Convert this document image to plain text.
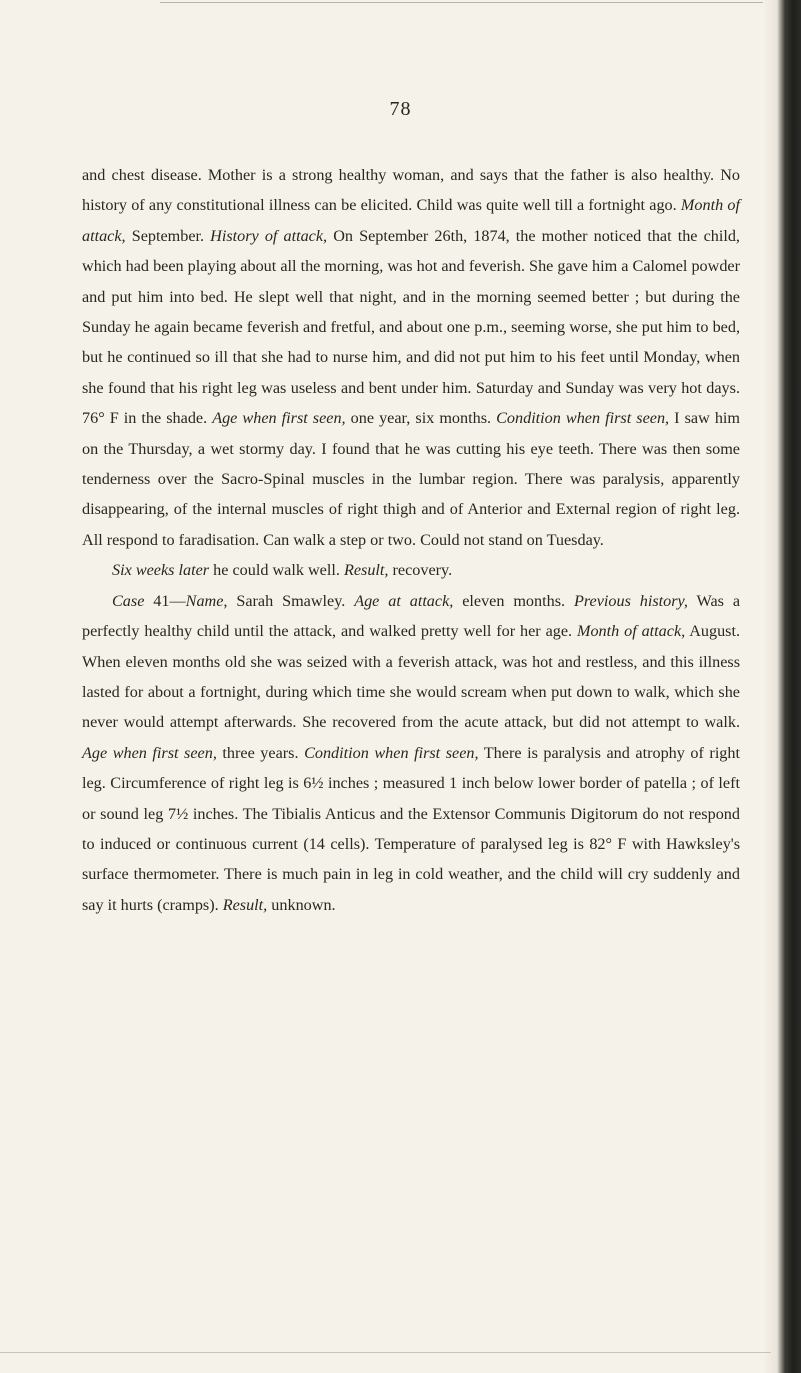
78

and chest disease. Mother is a strong healthy woman, and says that the father is also healthy. No history of any constitutional illness can be elicited. Child was quite well till a fortnight ago. Month of attack, September. History of attack, On September 26th, 1874, the mother noticed that the child, which had been playing about all the morning, was hot and feverish. She gave him a Calomel powder and put him into bed. He slept well that night, and in the morning seemed better ; but during the Sunday he again became feverish and fretful, and about one p.m., seeming worse, she put him to bed, but he continued so ill that she had to nurse him, and did not put him to his feet until Monday, when she found that his right leg was useless and bent under him. Saturday and Sunday was very hot days. 76° F in the shade. Age when first seen, one year, six months. Condition when first seen, I saw him on the Thursday, a wet stormy day. I found that he was cutting his eye teeth. There was then some tenderness over the Sacro-Spinal muscles in the lumbar region. There was paralysis, apparently disappearing, of the internal muscles of right thigh and of Anterior and External region of right leg. All respond to faradisation. Can walk a step or two. Could not stand on Tuesday.

Six weeks later he could walk well. Result, recovery.

Case 41—Name, Sarah Smawley. Age at attack, eleven months. Previous history, Was a perfectly healthy child until the attack, and walked pretty well for her age. Month of attack, August. When eleven months old she was seized with a feverish attack, was hot and restless, and this illness lasted for about a fortnight, during which time she would scream when put down to walk, which she never would attempt afterwards. She recovered from the acute attack, but did not attempt to walk. Age when first seen, three years. Condition when first seen, There is paralysis and atrophy of right leg. Circumference of right leg is 6½ inches ; measured 1 inch below lower border of patella ; of left or sound leg 7½ inches. The Tibialis Anticus and the Extensor Communis Digitorum do not respond to induced or continuous current (14 cells). Temperature of paralysed leg is 82° F with Hawksley's surface thermometer. There is much pain in leg in cold weather, and the child will cry suddenly and say it hurts (cramps). Result, unknown.
